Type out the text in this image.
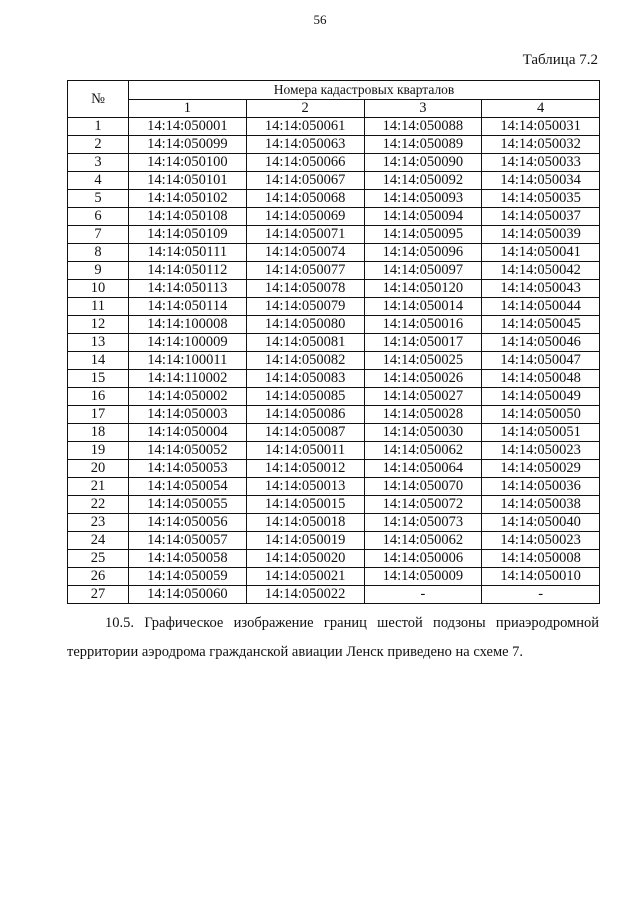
56
Таблица 7.2
№	Номера кадастровых кварталов			
	1	2	3	4
1	14:14:050001	14:14:050061	14:14:050088	14:14:050031
2	14:14:050099	14:14:050063	14:14:050089	14:14:050032
3	14:14:050100	14:14:050066	14:14:050090	14:14:050033
4	14:14:050101	14:14:050067	14:14:050092	14:14:050034
5	14:14:050102	14:14:050068	14:14:050093	14:14:050035
6	14:14:050108	14:14:050069	14:14:050094	14:14:050037
7	14:14:050109	14:14:050071	14:14:050095	14:14:050039
8	14:14:050111	14:14:050074	14:14:050096	14:14:050041
9	14:14:050112	14:14:050077	14:14:050097	14:14:050042
10	14:14:050113	14:14:050078	14:14:050120	14:14:050043
11	14:14:050114	14:14:050079	14:14:050014	14:14:050044
12	14:14:100008	14:14:050080	14:14:050016	14:14:050045
13	14:14:100009	14:14:050081	14:14:050017	14:14:050046
14	14:14:100011	14:14:050082	14:14:050025	14:14:050047
15	14:14:110002	14:14:050083	14:14:050026	14:14:050048
16	14:14:050002	14:14:050085	14:14:050027	14:14:050049
17	14:14:050003	14:14:050086	14:14:050028	14:14:050050
18	14:14:050004	14:14:050087	14:14:050030	14:14:050051
19	14:14:050052	14:14:050011	14:14:050062	14:14:050023
20	14:14:050053	14:14:050012	14:14:050064	14:14:050029
21	14:14:050054	14:14:050013	14:14:050070	14:14:050036
22	14:14:050055	14:14:050015	14:14:050072	14:14:050038
23	14:14:050056	14:14:050018	14:14:050073	14:14:050040
24	14:14:050057	14:14:050019	14:14:050062	14:14:050023
25	14:14:050058	14:14:050020	14:14:050006	14:14:050008
26	14:14:050059	14:14:050021	14:14:050009	14:14:050010
27	14:14:050060	14:14:050022	-	-

10.5. Графическое изображение границ шестой подзоны приаэродромной территории аэродрома гражданской авиации Ленск приведено на схеме 7.
